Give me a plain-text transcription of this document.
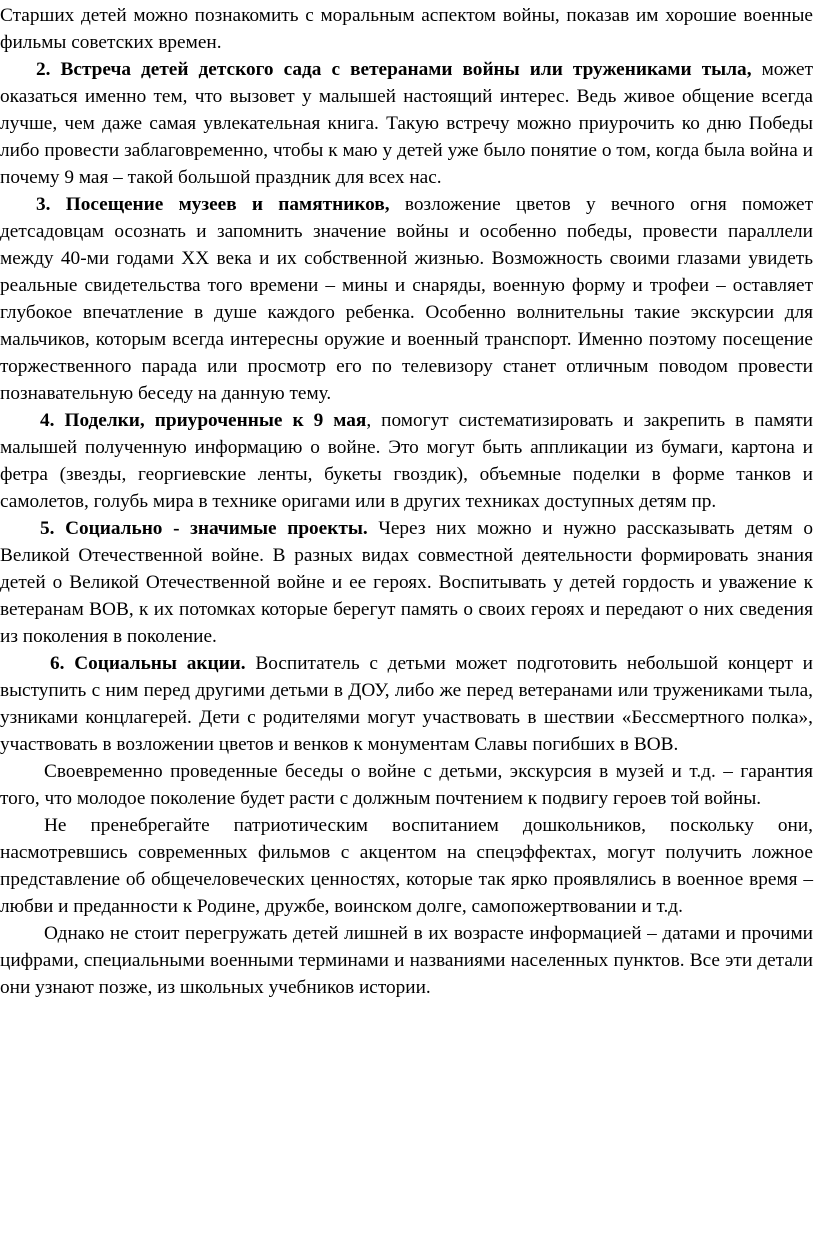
Старших детей можно познакомить с моральным аспектом войны, показав им хорошие военные фильмы советских времен.

2. Встреча детей детского сада с ветеранами войны или тружениками тыла, может оказаться именно тем, что вызовет у малышей настоящий интерес. Ведь живое общение всегда лучше, чем даже самая увлекательная книга. Такую встречу можно приурочить ко дню Победы либо провести заблаговременно, чтобы к маю у детей уже было понятие о том, когда была война и почему 9 мая – такой большой праздник для всех нас.

3. Посещение музеев и памятников, возложение цветов у вечного огня поможет детсадовцам осознать и запомнить значение войны и особенно победы, провести параллели между 40-ми годами XX века и их собственной жизнью. Возможность своими глазами увидеть реальные свидетельства того времени – мины и снаряды, военную форму и трофеи – оставляет глубокое впечатление в душе каждого ребенка. Особенно волнительны такие экскурсии для мальчиков, которым всегда интересны оружие и военный транспорт. Именно поэтому посещение торжественного парада или просмотр его по телевизору станет отличным поводом провести познавательную беседу на данную тему.

4. Поделки, приуроченные к 9 мая, помогут систематизировать и закрепить в памяти малышей полученную информацию о войне. Это могут быть аппликации из бумаги, картона и фетра (звезды, георгиевские ленты, букеты гвоздик), объемные поделки в форме танков и самолетов, голубь мира в технике оригами или в других техниках доступных детям пр.

5. Социально - значимые проекты. Через них можно и нужно рассказывать детям о Великой Отечественной войне. В разных видах совместной деятельности формировать знания детей о Великой Отечественной войне и ее героях. Воспитывать у детей гордость и уважение к ветеранам ВОВ, к их потомках которые берегут память о своих героях и передают о них сведения из поколения в поколение.

6. Социальны акции. Воспитатель с детьми может подготовить небольшой концерт и выступить с ним перед другими детьми в ДОУ, либо же перед ветеранами или тружениками тыла, узниками концлагерей. Дети с родителями могут участвовать в шествии «Бессмертного полка», участвовать в возложении цветов и венков к монументам Славы погибших в ВОВ.

Своевременно проведенные беседы о войне с детьми, экскурсия в музей и т.д. – гарантия того, что молодое поколение будет расти с должным почтением к подвигу героев той войны.

Не пренебрегайте патриотическим воспитанием дошкольников, поскольку они, насмотревшись современных фильмов с акцентом на спецэффектах, могут получить ложное представление об общечеловеческих ценностях, которые так ярко проявлялись в военное время – любви и преданности к Родине, дружбе, воинском долге, самопожертвовании и т.д.

Однако не стоит перегружать детей лишней в их возрасте информацией – датами и прочими цифрами, специальными военными терминами и названиями населенных пунктов. Все эти детали они узнают позже, из школьных учебников истории.
